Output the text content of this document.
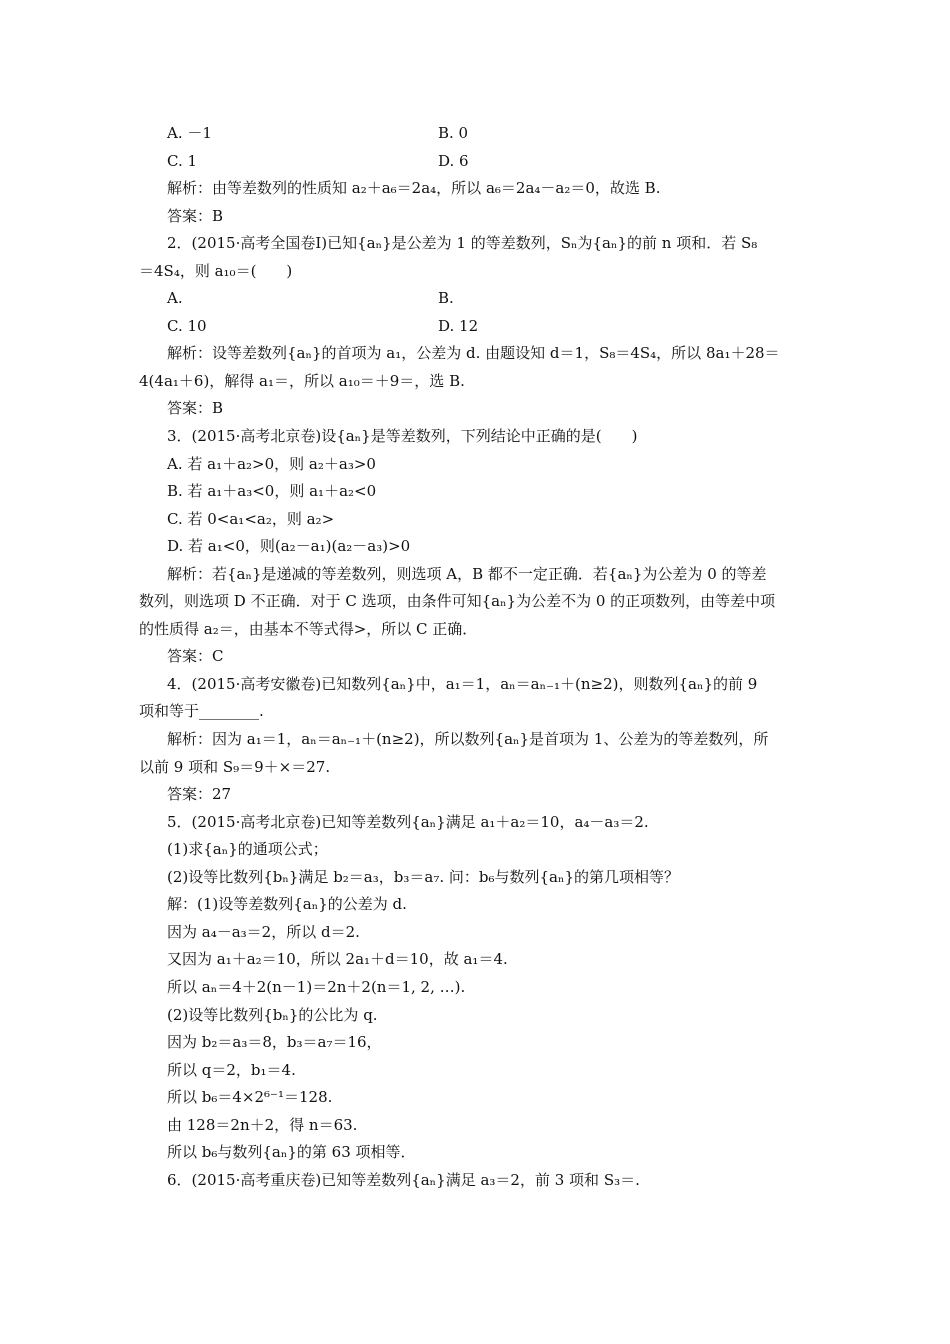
A. －1	B. 0
C. 1	D. 6
解析：由等差数列的性质知 a₂＋a₆＝2a₄，所以 a₆＝2a₄－a₂＝0，故选 B.
答案：B
2．(2015·高考全国卷Ⅰ)已知{aₙ}是公差为 1 的等差数列，Sₙ为{aₙ}的前 n 项和．若 S₈
＝4S₄，则 a₁₀＝(　　)
A.	B.
C. 10	D. 12
解析：设等差数列{aₙ}的首项为 a₁，公差为 d. 由题设知 d＝1，S₈＝4S₄，所以 8a₁＋28＝
4(4a₁＋6)，解得 a₁＝，所以 a₁₀＝＋9＝，选 B.
答案：B
3．(2015·高考北京卷)设{aₙ}是等差数列，下列结论中正确的是(　　)
A. 若 a₁＋a₂>0，则 a₂＋a₃>0
B. 若 a₁＋a₃<0，则 a₁＋a₂<0
C. 若 0<a₁<a₂，则 a₂>
D. 若 a₁<0，则(a₂－a₁)(a₂－a₃)>0
解析：若{aₙ}是递减的等差数列，则选项 A，B 都不一定正确．若{aₙ}为公差为 0 的等差
数列，则选项 D 不正确．对于 C 选项，由条件可知{aₙ}为公差不为 0 的正项数列，由等差中项
的性质得 a₂＝，由基本不等式得>，所以 C 正确．
答案：C
4．(2015·高考安徽卷)已知数列{aₙ}中，a₁＝1，aₙ＝aₙ₋₁＋(n≥2)，则数列{aₙ}的前 9
项和等于________.
解析：因为 a₁＝1，aₙ＝aₙ₋₁＋(n≥2)，所以数列{aₙ}是首项为 1、公差为的等差数列，所
以前 9 项和 S₉＝9＋×＝27.
答案：27
5．(2015·高考北京卷)已知等差数列{aₙ}满足 a₁＋a₂＝10，a₄－a₃＝2.
(1)求{aₙ}的通项公式；
(2)设等比数列{bₙ}满足 b₂＝a₃，b₃＝a₇. 问：b₆与数列{aₙ}的第几项相等？
解：(1)设等差数列{aₙ}的公差为 d.
因为 a₄－a₃＝2，所以 d＝2.
又因为 a₁＋a₂＝10，所以 2a₁＋d＝10，故 a₁＝4.
所以 aₙ＝4＋2(n－1)＝2n＋2(n＝1, 2, …).
(2)设等比数列{bₙ}的公比为 q.
因为 b₂＝a₃＝8，b₃＝a₇＝16，
所以 q＝2，b₁＝4.
所以 b₆＝4×2⁶⁻¹＝128.
由 128＝2n＋2，得 n＝63.
所以 b₆与数列{aₙ}的第 63 项相等．
6．(2015·高考重庆卷)已知等差数列{aₙ}满足 a₃＝2，前 3 项和 S₃＝.
